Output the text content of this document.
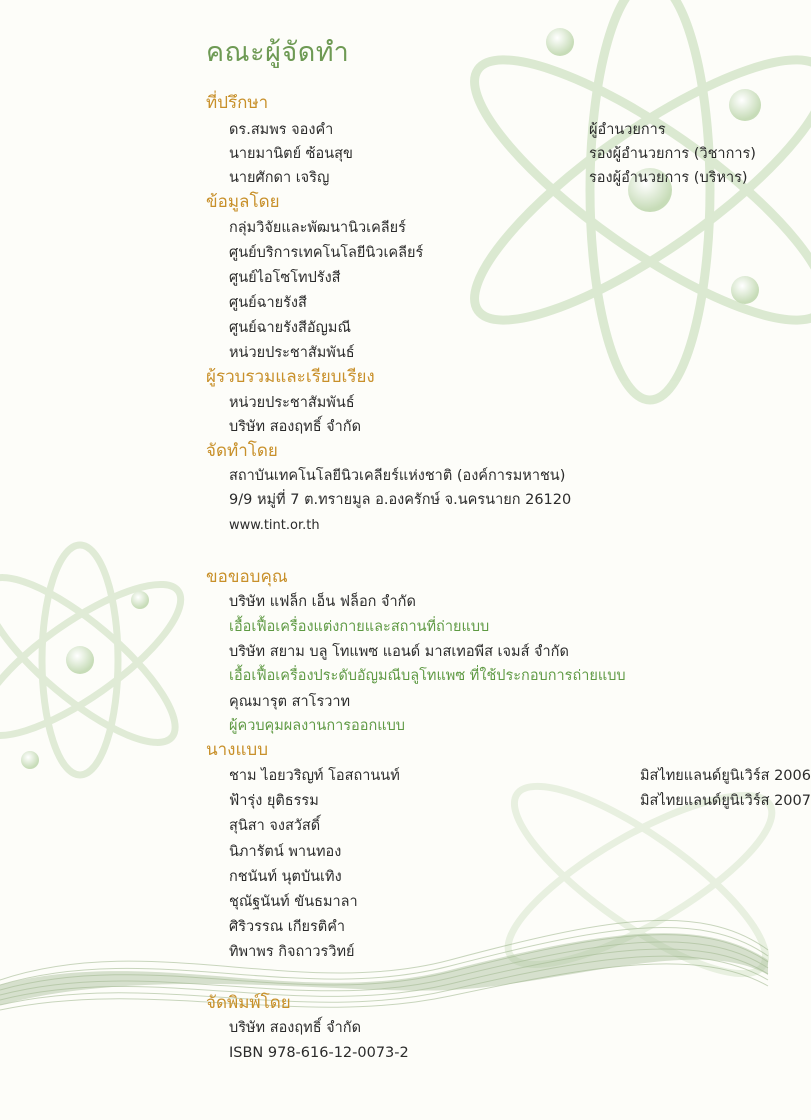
คณะผู้จัดทำ
ที่ปรึกษา
ดร.สมพร จองคำ	ผู้อำนวยการ
นายมานิตย์ ซ้อนสุข	รองผู้อำนวยการ (วิชาการ)
นายศักดา เจริญ	รองผู้อำนวยการ (บริหาร)
ข้อมูลโดย
กลุ่มวิจัยและพัฒนานิวเคลียร์
ศูนย์บริการเทคโนโลยีนิวเคลียร์
ศูนย์ไอโซโทปรังสี
ศูนย์ฉายรังสี
ศูนย์ฉายรังสีอัญมณี
หน่วยประชาสัมพันธ์
ผู้รวบรวมและเรียบเรียง
หน่วยประชาสัมพันธ์
บริษัท สองฤทธิ์ จำกัด
จัดทำโดย
สถาบันเทคโนโลยีนิวเคลียร์แห่งชาติ (องค์การมหาชน)
9/9 หมู่ที่ 7 ต.ทรายมูล อ.องครักษ์ จ.นครนายก 26120
www.tint.or.th
ขอขอบคุณ
บริษัท แฟล็ก เอ็น ฟล็อก จำกัด
เอื้อเฟื้อเครื่องแต่งกายและสถานที่ถ่ายแบบ
บริษัท สยาม บลู โทแพซ แอนด์ มาสเทอพีส เจมส์ จำกัด
เอื้อเฟื้อเครื่องประดับอัญมณีบลูโทแพซ ที่ใช้ประกอบการถ่ายแบบ
คุณมารุต สาโรวาท
ผู้ควบคุมผลงานการออกแบบ
นางแบบ
ชาม ไอยวริญท์ โอสถานนท์	มิสไทยแลนด์ยูนิเวิร์ส 2006
ฟ้ารุ่ง ยุติธรรม	มิสไทยแลนด์ยูนิเวิร์ส 2007
สุนิสา จงสวัสดิ์
นิภารัตน์ พานทอง
กชนันท์ นุตบันเทิง
ชุณัฐนันท์ ขันธมาลา
ศิริวรรณ เกียรติคำ
ทิพาพร กิจถาวรวิทย์
จัดพิมพ์โดย
บริษัท สองฤทธิ์ จำกัด
ISBN 978-616-12-0073-2
